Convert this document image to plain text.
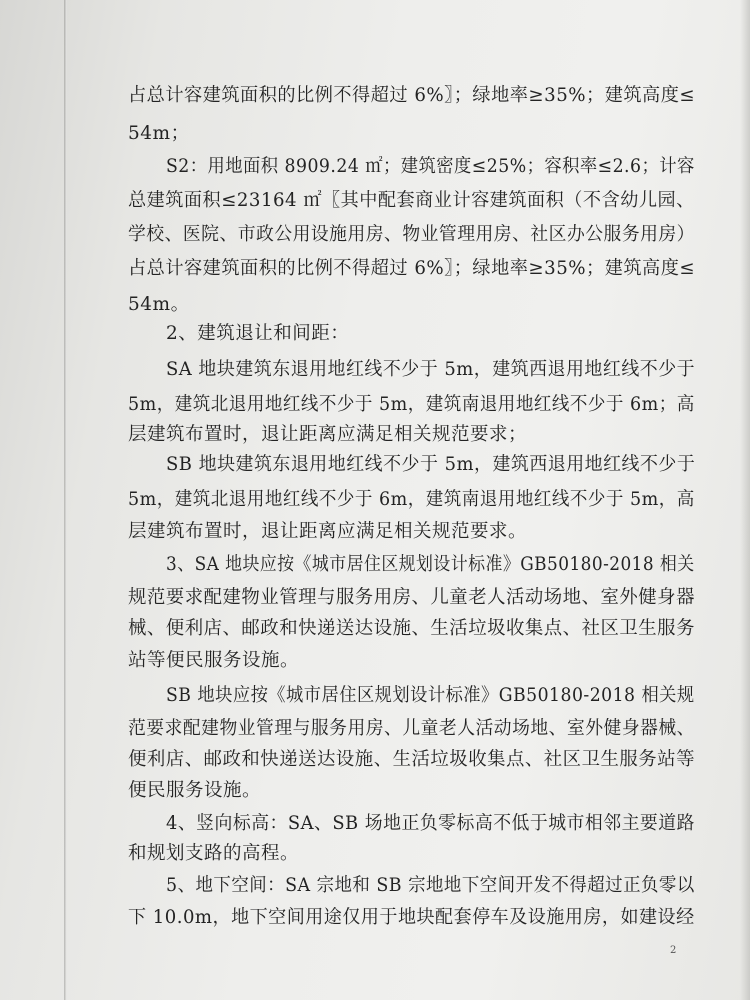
占总计容建筑面积的比例不得超过 6%〗；绿地率≥35%；建筑高度≤
54m；
S2：用地面积 8909.24 ㎡；建筑密度≤25%；容积率≤2.6；计容
总建筑面积≤23164 ㎡〖其中配套商业计容建筑面积（不含幼儿园、
学校、医院、市政公用设施用房、物业管理用房、社区办公服务用房）
占总计容建筑面积的比例不得超过 6%〗；绿地率≥35%；建筑高度≤
54m。
2、建筑退让和间距：
SA 地块建筑东退用地红线不少于 5m，建筑西退用地红线不少于
5m，建筑北退用地红线不少于 5m，建筑南退用地红线不少于 6m；高
层建筑布置时，退让距离应满足相关规范要求；
SB 地块建筑东退用地红线不少于 5m，建筑西退用地红线不少于
5m，建筑北退用地红线不少于 6m，建筑南退用地红线不少于 5m，高
层建筑布置时，退让距离应满足相关规范要求。
3、SA 地块应按《城市居住区规划设计标准》GB50180-2018 相关
规范要求配建物业管理与服务用房、儿童老人活动场地、室外健身器
械、便利店、邮政和快递送达设施、生活垃圾收集点、社区卫生服务
站等便民服务设施。
SB 地块应按《城市居住区规划设计标准》GB50180-2018 相关规
范要求配建物业管理与服务用房、儿童老人活动场地、室外健身器械、
便利店、邮政和快递送达设施、生活垃圾收集点、社区卫生服务站等
便民服务设施。
4、竖向标高：SA、SB 场地正负零标高不低于城市相邻主要道路
和规划支路的高程。
5、地下空间：SA 宗地和 SB 宗地地下空间开发不得超过正负零以
下 10.0m，地下空间用途仅用于地块配套停车及设施用房，如建设经
2
